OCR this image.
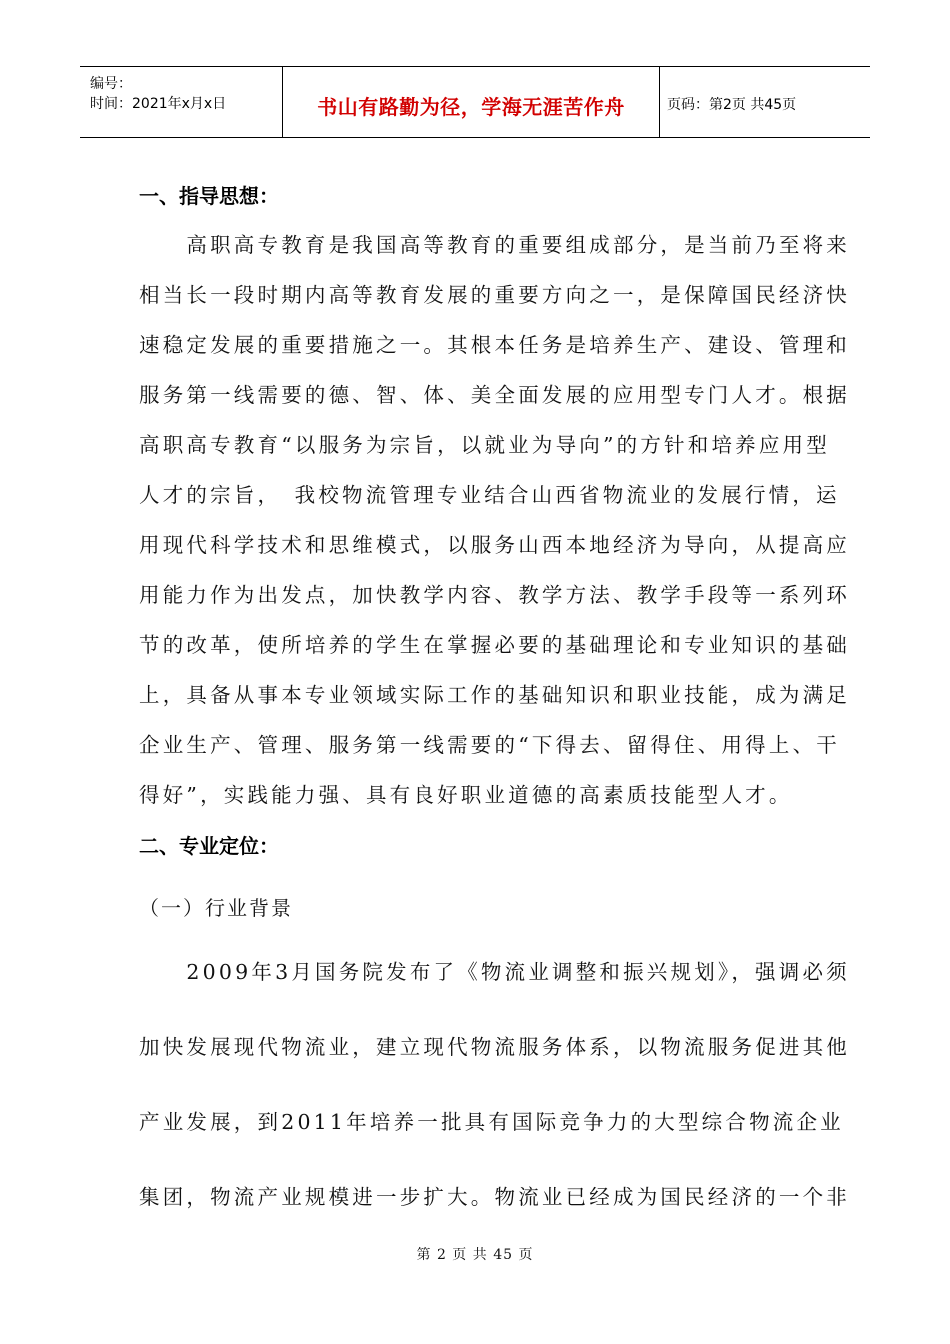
编号：
时间：2021年x月x日	书山有路勤为径，学海无涯苦作舟	页码：第2页 共45页
一、指导思想：
　　高职高专教育是我国高等教育的重要组成部分，是当前乃至将来
相当长一段时期内高等教育发展的重要方向之一，是保障国民经济快
速稳定发展的重要措施之一。其根本任务是培养生产、建设、管理和
服务第一线需要的德、智、体、美全面发展的应用型专门人才。根据
高职高专教育“以服务为宗旨，以就业为导向”的方针和培养应用型
人才的宗旨，　我校物流管理专业结合山西省物流业的发展行情，运
用现代科学技术和思维模式，以服务山西本地经济为导向，从提高应
用能力作为出发点，加快教学内容、教学方法、教学手段等一系列环
节的改革，使所培养的学生在掌握必要的基础理论和专业知识的基础
上，具备从事本专业领域实际工作的基础知识和职业技能，成为满足
企业生产、管理、服务第一线需要的“下得去、留得住、用得上、干
得好”，实践能力强、具有良好职业道德的高素质技能型人才。
二、专业定位：
（一）行业背景
　　2009年3月国务院发布了《物流业调整和振兴规划》，强调必须
加快发展现代物流业，建立现代物流服务体系，以物流服务促进其他
产业发展，到2011年培养一批具有国际竞争力的大型综合物流企业
集团，物流产业规模进一步扩大。物流业已经成为国民经济的一个非
第 2 页 共 45 页
